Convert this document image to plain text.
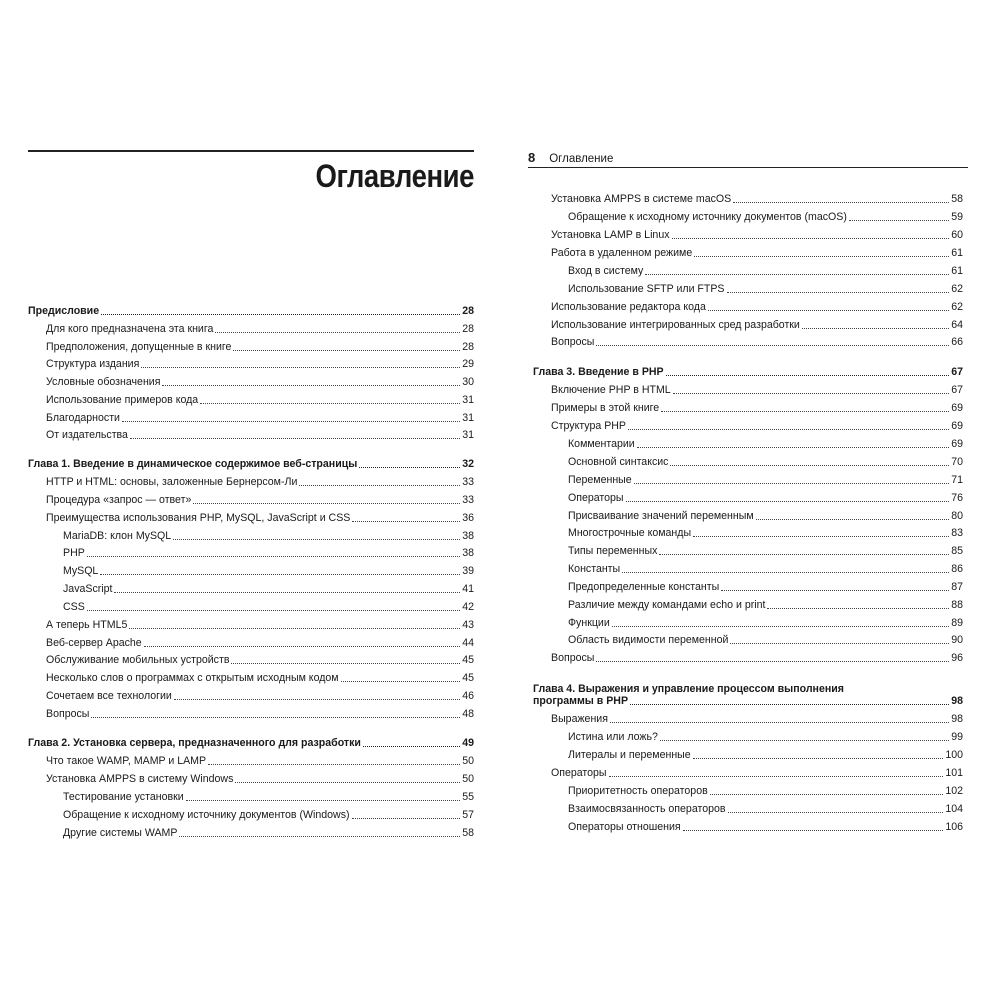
Оглавление
8 Оглавление
Предисловие	28
Для кого предназначена эта книга	28
Предположения, допущенные в книге	28
Структура издания	29
Условные обозначения	30
Использование примеров кода	31
Благодарности	31
От издательства	31
Глава 1. Введение в динамическое содержимое веб-страницы	32
HTTP и HTML: основы, заложенные Бернерсом-Ли	33
Процедура «запрос — ответ»	33
Преимущества использования PHP, MySQL, JavaScript и CSS	36
MariaDB: клон MySQL	38
PHP	38
MySQL	39
JavaScript	41
CSS	42
А теперь HTML5	43
Веб-сервер Apache	44
Обслуживание мобильных устройств	45
Несколько слов о программах с открытым исходным кодом	45
Сочетаем все технологии	46
Вопросы	48
Глава 2. Установка сервера, предназначенного для разработки	49
Что такое WAMP, MAMP и LAMP	50
Установка AMPPS в систему Windows	50
Тестирование установки	55
Обращение к исходному источнику документов (Windows)	57
Другие системы WAMP	58
Установка AMPPS в системе macOS	58
Обращение к исходному источнику документов (macOS)	59
Установка LAMP в Linux	60
Работа в удаленном режиме	61
Вход в систему	61
Использование SFTP или FTPS	62
Использование редактора кода	62
Использование интегрированных сред разработки	64
Вопросы	66
Глава 3. Введение в PHP	67
Включение PHP в HTML	67
Примеры в этой книге	69
Структура PHP	69
Комментарии	69
Основной синтаксис	70
Переменные	71
Операторы	76
Присваивание значений переменным	80
Многострочные команды	83
Типы переменных	85
Константы	86
Предопределенные константы	87
Различие между командами echo и print	88
Функции	89
Область видимости переменной	90
Вопросы	96
Глава 4. Выражения и управление процессом выполнения
программы в PHP	98
Выражения	98
Истина или ложь?	99
Литералы и переменные	100
Операторы	101
Приоритетность операторов	102
Взаимосвязанность операторов	104
Операторы отношения	106
